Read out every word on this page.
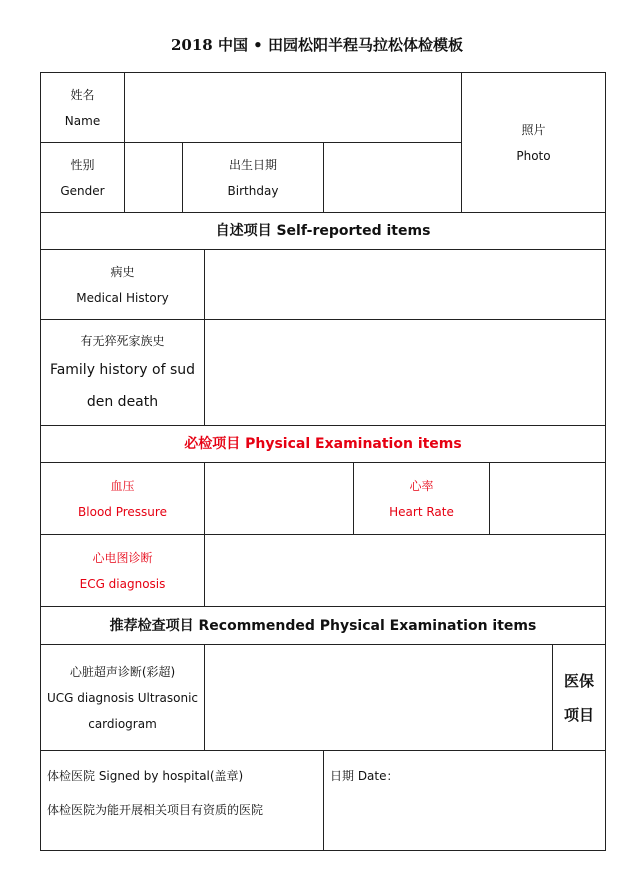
2018 中国 • 田园松阳半程马拉松体检模板
姓名
Name
照片
Photo
性别
Gender
出生日期
Birthday
自述项目 Self-reported items
病史
Medical History
有无猝死家族史
Family history of sud
den death
必检项目 Physical Examination items
血压
Blood Pressure
心率
Heart Rate
心电图诊断
ECG diagnosis
推荐检查项目 Recommended Physical Examination items
心脏超声诊断(彩超)
UCG diagnosis Ultrasonic
cardiogram
医保
项目
体检医院 Signed by hospital(盖章)
体检医院为能开展相关项目有资质的医院
日期 Date：
